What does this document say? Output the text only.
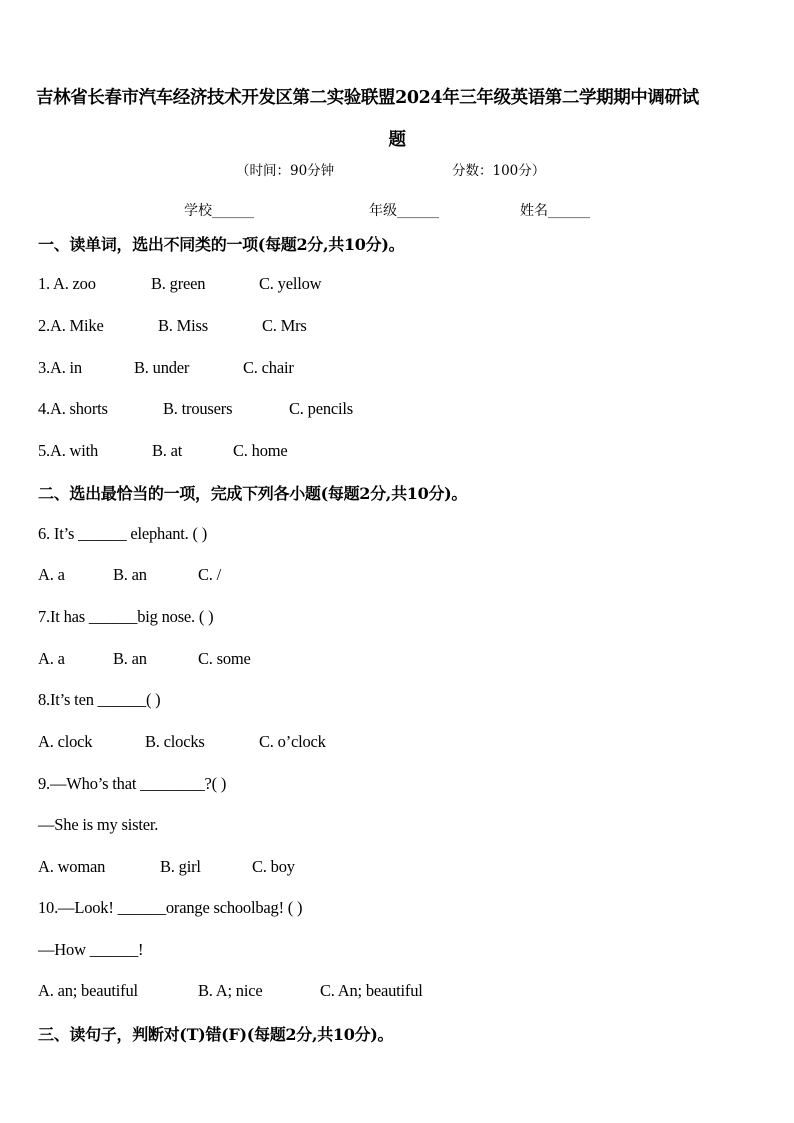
吉林省长春市汽车经济技术开发区第二实验联盟2024年三年级英语第二学期期中调研试
题
（时间：90分钟	分数：100分）
学校______	年级______	姓名______
一、读单词，选出不同类的一项(每题2分,共10分)。
1. A. zoo	B. green	C. yellow
2.A. Mike	B. Miss	C. Mrs
3.A. in	B. under	C. chair
4.A. shorts	B. trousers	C. pencils
5.A. with	B. at	C. home
二、选出最恰当的一项，完成下列各小题(每题2分,共10分)。
6. It’s ______ elephant. ( )
A. a	B. an	C. /
7.It has ______big nose. ( )
A. a	B. an	C. some
8.It’s ten ______( )
A. clock	B. clocks	C. o’clock
9.—Who’s that ________?( )
—She is my sister.
A. woman	B. girl	C. boy
10.—Look! ______orange schoolbag! ( )
—How ______!
A. an; beautiful	B. A; nice	C. An; beautiful
三、读句子，判断对(T)错(F)(每题2分,共10分)。
